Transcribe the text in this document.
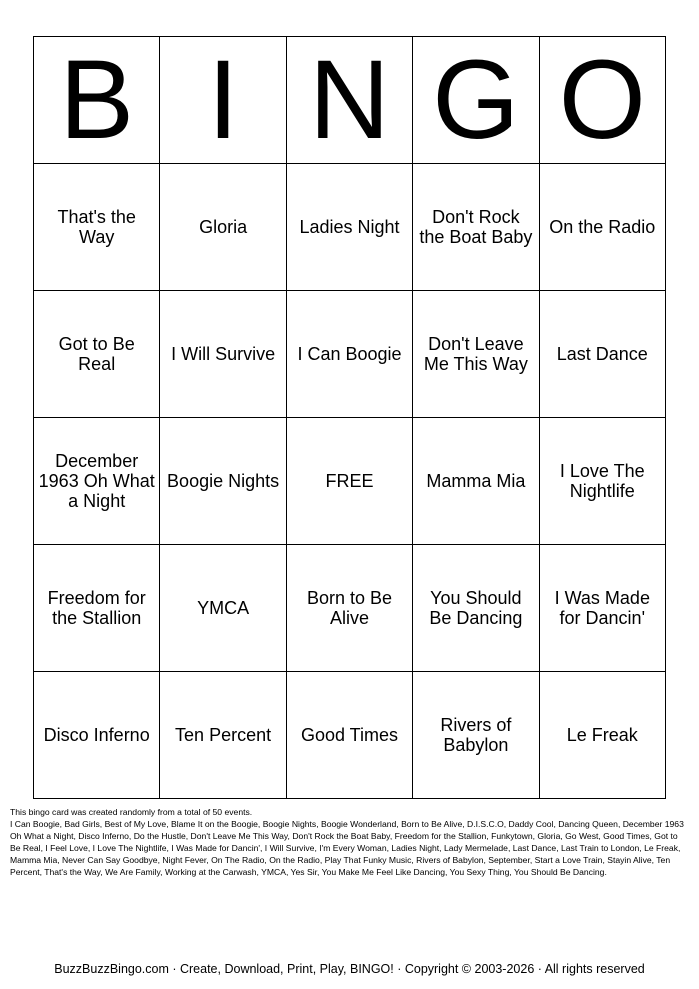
B	I	N	G	O
That's the Way	Gloria	Ladies Night	Don't Rock the Boat Baby	On the Radio
Got to Be Real	I Will Survive	I Can Boogie	Don't Leave Me This Way	Last Dance
December 1963 Oh What a Night	Boogie Nights	FREE	Mamma Mia	I Love The Nightlife
Freedom for the Stallion	YMCA	Born to Be Alive	You Should Be Dancing	I Was Made for Dancin'
Disco Inferno	Ten Percent	Good Times	Rivers of Babylon	Le Freak

This bingo card was created randomly from a total of 50 events.

I Can Boogie, Bad Girls, Best of My Love, Blame It on the Boogie, Boogie Nights, Boogie Wonderland, Born to Be Alive, D.I.S.C.O, Daddy Cool, Dancing Queen, December 1963 Oh What a Night, Disco Inferno, Do the Hustle, Don't Leave Me This Way, Don't Rock the Boat Baby, Freedom for the Stallion, Funkytown, Gloria, Go West, Good Times, Got to Be Real, I Feel Love, I Love The Nightlife, I Was Made for Dancin', I Will Survive, I'm Every Woman, Ladies Night, Lady Mermelade, Last Dance, Last Train to London, Le Freak, Mamma Mia, Never Can Say Goodbye, Night Fever, On The Radio, On the Radio, Play That Funky Music, Rivers of Babylon, September, Start a Love Train, Stayin Alive, Ten Percent, That's the Way, We Are Family, Working at the Carwash, YMCA, Yes Sir, You Make Me Feel Like Dancing, You Sexy Thing, You Should Be Dancing.

BuzzBuzzBingo.com · Create, Download, Print, Play, BINGO! · Copyright © 2003-2026 · All rights reserved
